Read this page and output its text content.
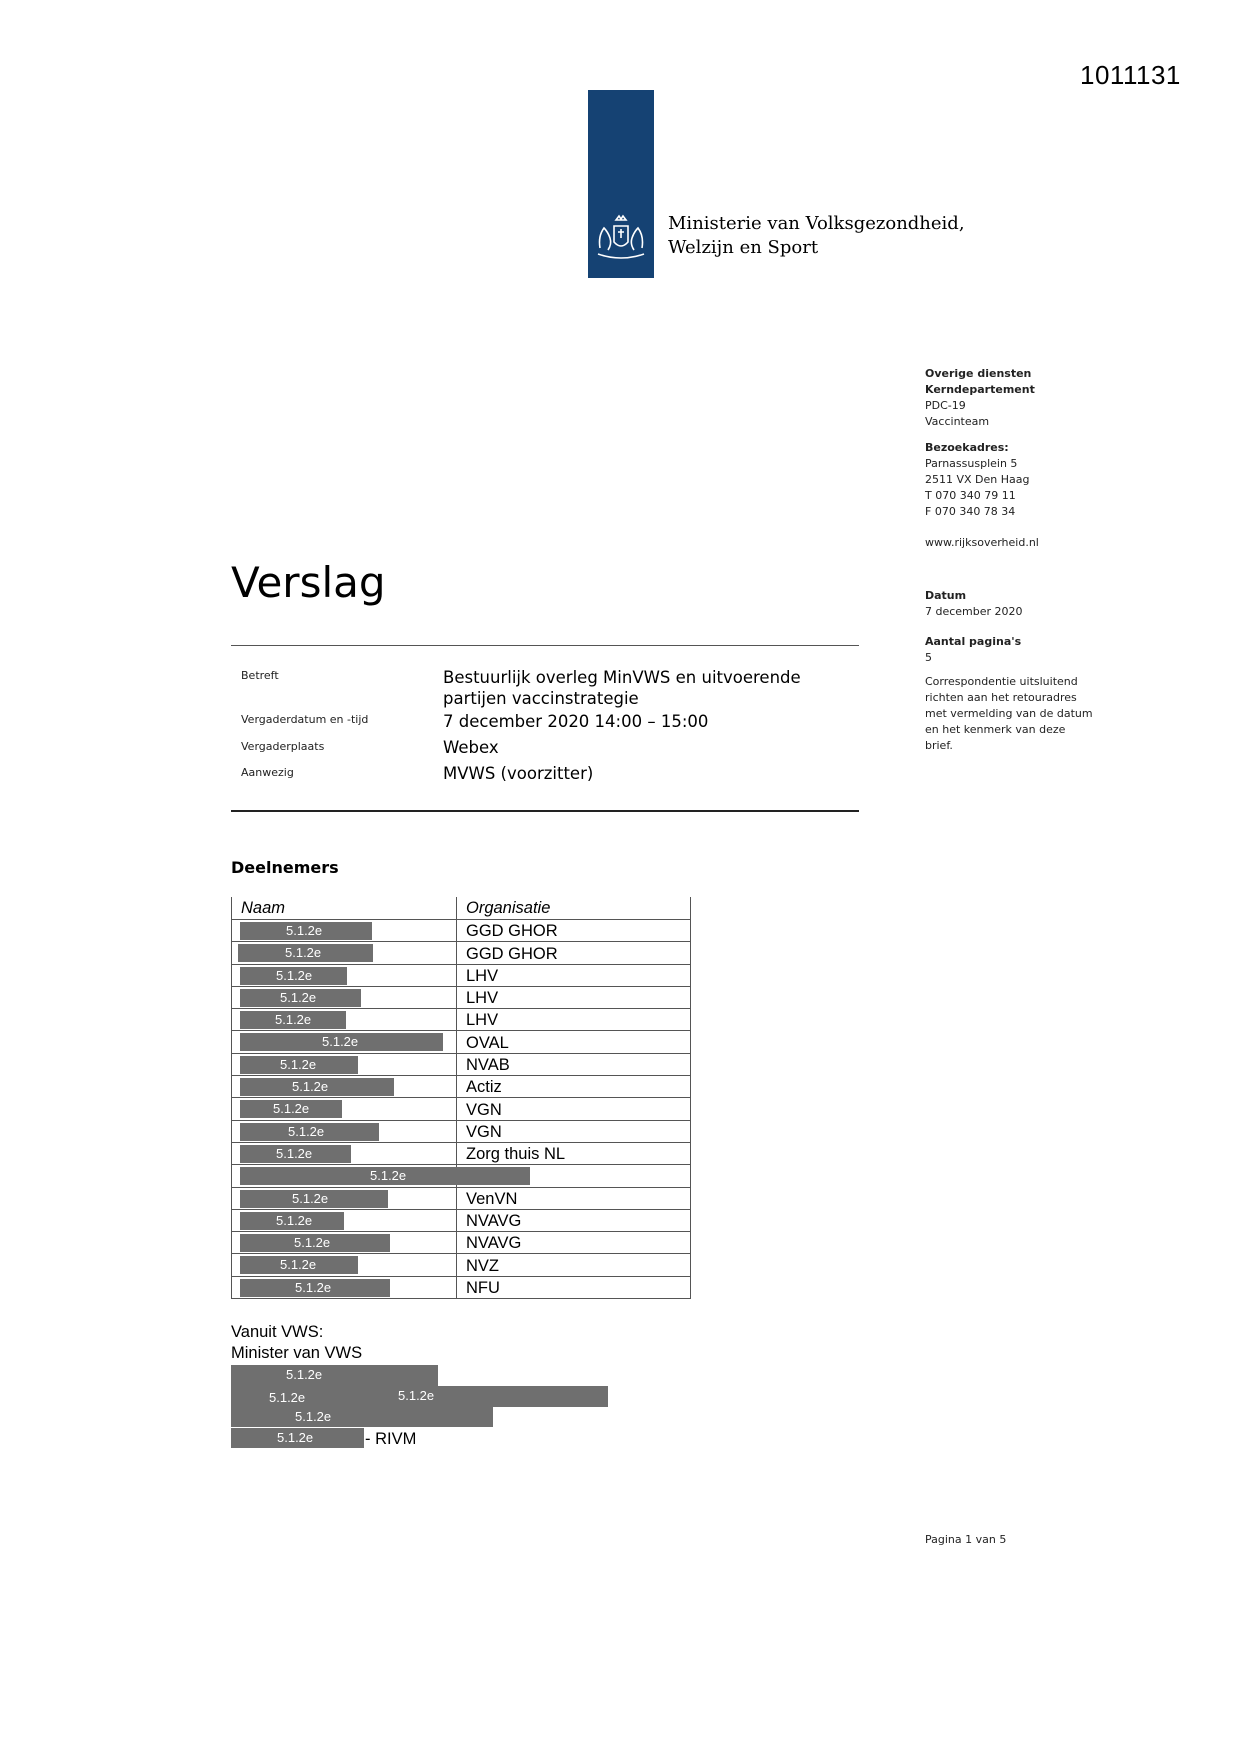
1011131
Ministerie van Volksgezondheid,
Welzijn en Sport
Overige diensten
Kerndepartement
PDC-19
Vaccinteam
Bezoekadres:
Parnassusplein 5
2511 VX Den Haag
T 070 340 79 11
F 070 340 78 34
www.rijksoverheid.nl
Datum
7 december 2020
Aantal pagina's
5
Correspondentie uitsluitend
richten aan het retouradres
met vermelding van de datum
en het kenmerk van deze
brief.
Verslag
Betreft	Bestuurlijk overleg MinVWS en uitvoerende partijen vaccinstrategie
Vergaderdatum en -tijd	7 december 2020 14:00 – 15:00
Vergaderplaats	Webex
Aanwezig	MVWS (voorzitter)
Deelnemers
Naam	Organisatie

5.1.2e	GGD GHOR

5.1.2e	GGD GHOR

5.1.2e	LHV

5.1.2e	LHV

5.1.2e	LHV

5.1.2e	OVAL

5.1.2e	NVAB

5.1.2e	Actiz

5.1.2e	VGN

5.1.2e	VGN

5.1.2e	Zorg thuis NL

5.1.2e	

5.1.2e	VenVN

5.1.2e	NVAVG

5.1.2e	NVAVG

5.1.2e	NVZ

5.1.2e	NFU
Vanuit VWS:
Minister van VWS
5.1.2e
5.1.2e	5.1.2e
5.1.2e
5.1.2e	- RIVM
Pagina 1 van 5
